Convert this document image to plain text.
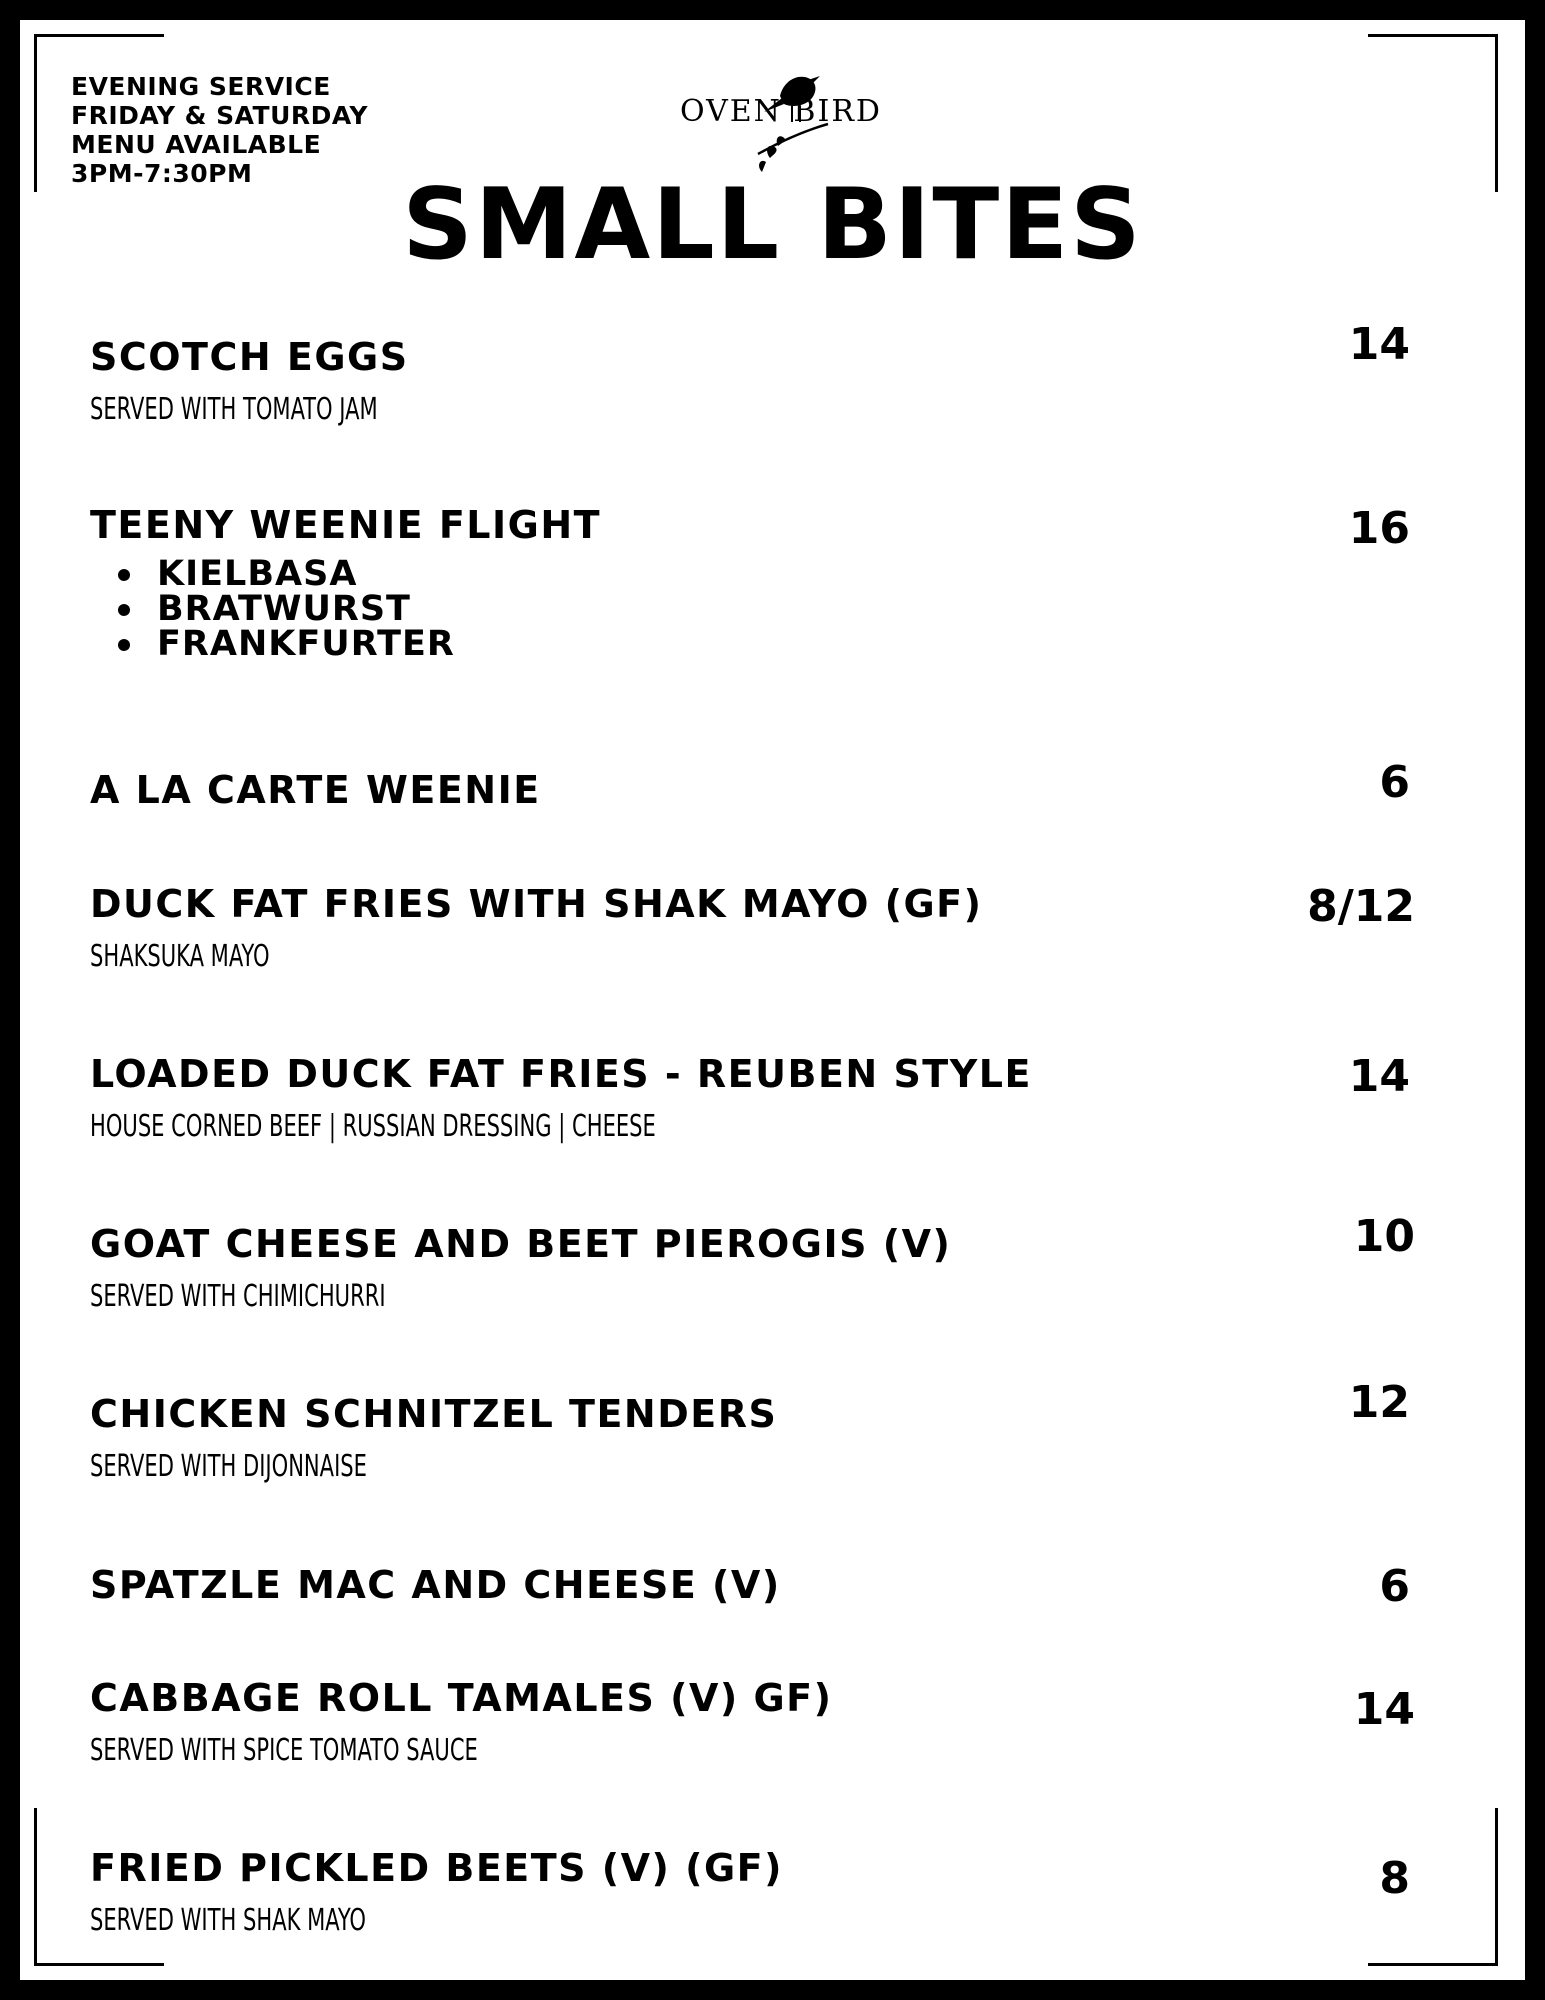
EVENING SERVICE
FRIDAY & SATURDAY
MENU AVAILABLE
3PM-7:30PM
OVEN BIRD
SMALL BITES
SCOTCH EGGS
SERVED WITH TOMATO JAM
14
TEENY WEENIE FLIGHT
KIELBASA
BRATWURST
FRANKFURTER
16
A LA CARTE WEENIE	6
DUCK FAT FRIES WITH SHAK MAYO (GF)
SHAKSUKA MAYO
8/12
LOADED DUCK FAT FRIES - REUBEN STYLE
HOUSE CORNED BEEF | RUSSIAN DRESSING | CHEESE
14
GOAT CHEESE AND BEET PIEROGIS (V)
SERVED WITH CHIMICHURRI
10
CHICKEN SCHNITZEL TENDERS
SERVED WITH DIJONNAISE
12
SPATZLE MAC AND CHEESE (V)	6
CABBAGE ROLL TAMALES (V) GF)
SERVED WITH SPICE TOMATO SAUCE
14
FRIED PICKLED BEETS (V) (GF)
SERVED WITH SHAK MAYO
8
